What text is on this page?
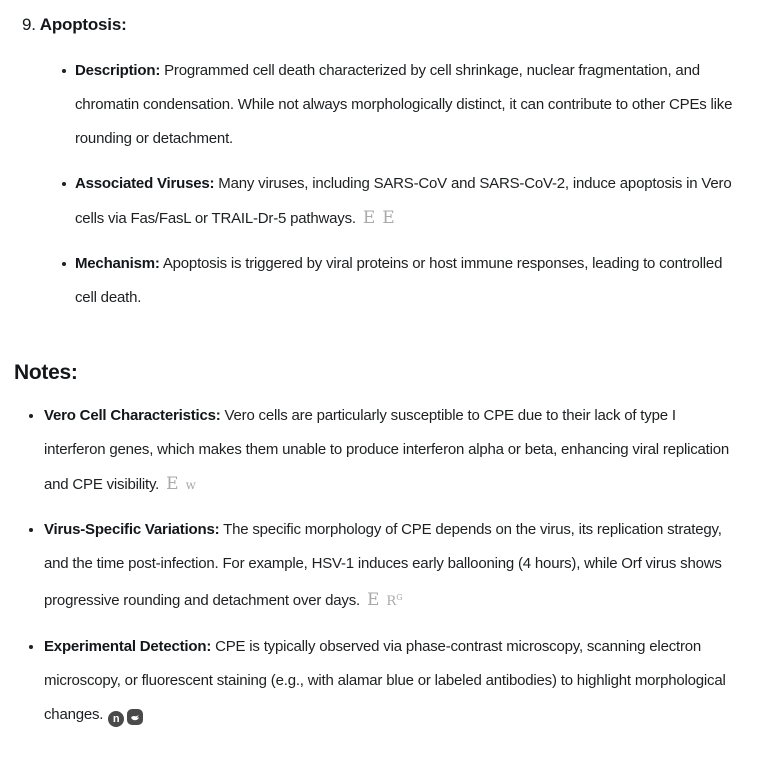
9. Apoptosis:
Description: Programmed cell death characterized by cell shrinkage, nuclear fragmentation, and chromatin condensation. While not always morphologically distinct, it can contribute to other CPEs like rounding or detachment.
Associated Viruses: Many viruses, including SARS-CoV and SARS-CoV-2, induce apoptosis in Vero cells via Fas/FasL or TRAIL-Dr-5 pathways. E E
Mechanism: Apoptosis is triggered by viral proteins or host immune responses, leading to controlled cell death.
Notes:
Vero Cell Characteristics: Vero cells are particularly susceptible to CPE due to their lack of type I interferon genes, which makes them unable to produce interferon alpha or beta, enhancing viral replication and CPE visibility. E w
Virus-Specific Variations: The specific morphology of CPE depends on the virus, its replication strategy, and the time post-infection. For example, HSV-1 induces early ballooning (4 hours), while Orf virus shows progressive rounding and detachment over days. E $R^G$
Experimental Detection: CPE is typically observed via phase-contrast microscopy, scanning electron microscopy, or fluorescent staining (e.g., with alamar blue or labeled antibodies) to highlight morphological changes. n
